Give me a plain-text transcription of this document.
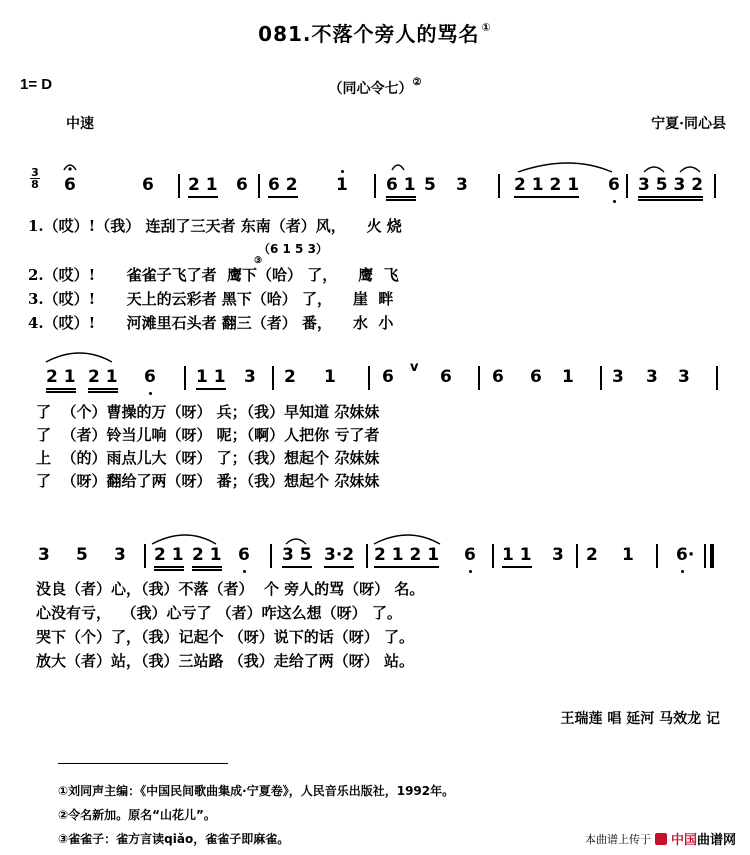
081.不落个旁人的骂名 ①
1= D	（同心令七）②
中速	宁夏·同心县
3
8 6	6 2 1 6 6 2 1 6 1 5 3	2 1 2 1 6 3 5 3 2
1.（哎）!（我） 连刮了三天者 东南（者）风，    火 烧
2.（哎）!      雀雀子飞了者  鹰下（哈） 了，    鹰  飞
3.（哎）!      天上的云彩者 黑下（哈） 了，    崖  畔
4.（哎）!      河滩里石头者 翻三（者） 番，    水  小
（6 1 5 3）
③
2 1 2 1 6 1 1 3 2 1	6 v 6 6 6 1 3 3 3
了  （个）曹操的万（呀） 兵；（我）早知道 尕妹妹
了  （者）铃当儿响（呀） 呢；（啊）人把你 亏了者
上  （的）雨点儿大（呀） 了；（我）想起个 尕妹妹
了  （呀）翻给了两（呀） 番；（我）想起个 尕妹妹
3 5 3 2 1 2 1 6 3 5 3·2 2 1 2 1 6 1 1 3 2 1 6·
没良（者）心，（我）不落（者）  个 旁人的骂（呀） 名。
心没有亏，  （我）心亏了 （者）咋这么想（呀） 了。
哭下（个）了，（我）记起个 （呀）说下的话（呀） 了。
放大（者）站，（我）三站路 （我）走给了两（呀） 站。
王瑞莲 唱 延河 马效龙 记
①刘同声主编：《中国民间歌曲集成·宁夏卷》，人民音乐出版社，1992年。
②令名新加。原名“山花儿”。
③雀雀子：雀方言读qiǎo，雀雀子即麻雀。	本曲谱上传于 中国曲谱网
